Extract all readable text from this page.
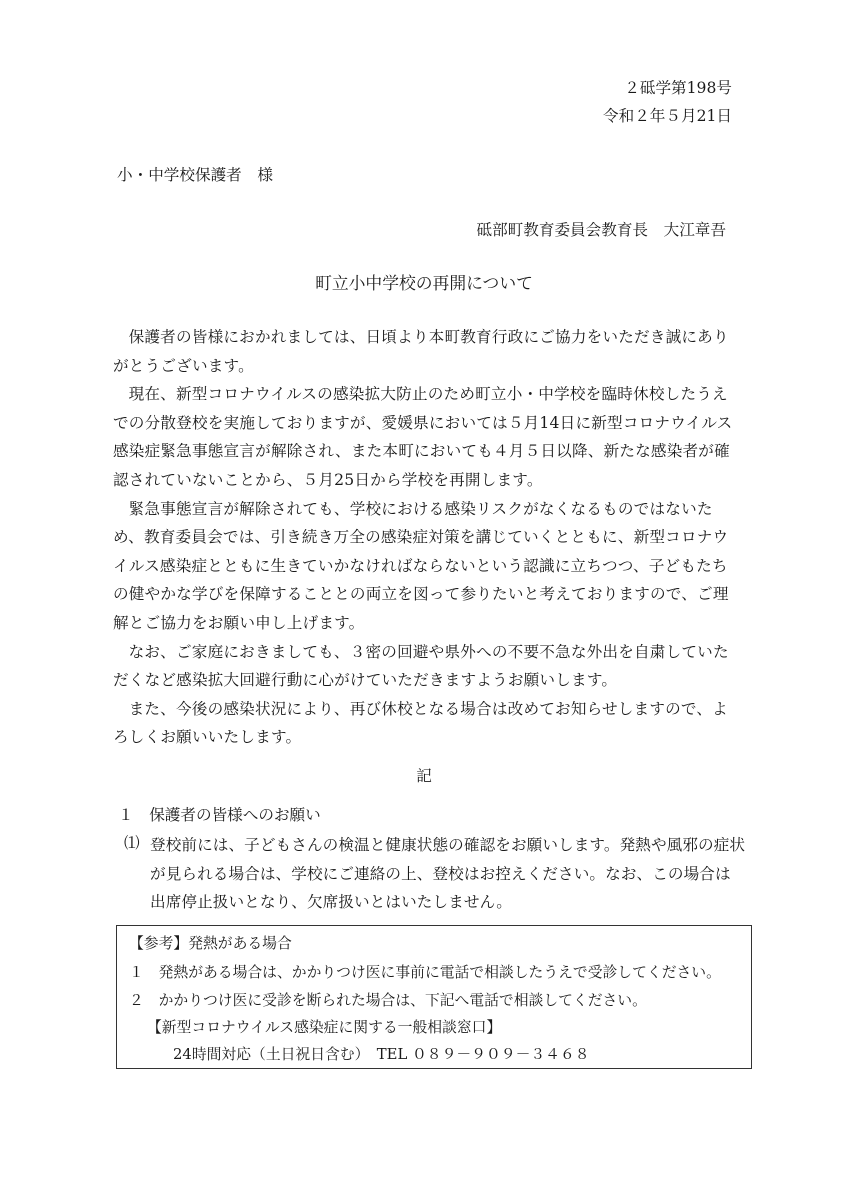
２砥学第198号
令和２年５月21日
小・中学校保護者　様
砥部町教育委員会教育長　大江章吾
町立小中学校の再開について

保護者の皆様におかれましては、日頃より本町教育行政にご協力をいただき誠にありがとうございます。

現在、新型コロナウイルスの感染拡大防止のため町立小・中学校を臨時休校したうえでの分散登校を実施しておりますが、愛媛県においては５月14日に新型コロナウイルス感染症緊急事態宣言が解除され、また本町においても４月５日以降、新たな感染者が確認されていないことから、５月25日から学校を再開します。

緊急事態宣言が解除されても、学校における感染リスクがなくなるものではないため、教育委員会では、引き続き万全の感染症対策を講じていくとともに、新型コロナウイルス感染症とともに生きていかなければならないという認識に立ちつつ、子どもたちの健やかな学びを保障することとの両立を図って参りたいと考えておりますので、ご理解とご協力をお願い申し上げます。

なお、ご家庭におきましても、３密の回避や県外への不要不急な外出を自粛していただくなど感染拡大回避行動に心がけていただきますようお願いします。

また、今後の感染状況により、再び休校となる場合は改めてお知らせしますので、よろしくお願いいたします。

記
１　保護者の皆様へのお願い
⑴ 登校前には、子どもさんの検温と健康状態の確認をお願いします。発熱や風邪の症状が見られる場合は、学校にご連絡の上、登校はお控えください。なお、この場合は出席停止扱いとなり、欠席扱いとはいたしません。
【参考】発熱がある場合
１　発熱がある場合は、かかりつけ医に事前に電話で相談したうえで受診してください。
２　かかりつけ医に受診を断られた場合は、下記へ電話で相談してください。
【新型コロナウイルス感染症に関する一般相談窓口】
24時間対応（土日祝日含む）　TEL ０８９－９０９－３４６８
